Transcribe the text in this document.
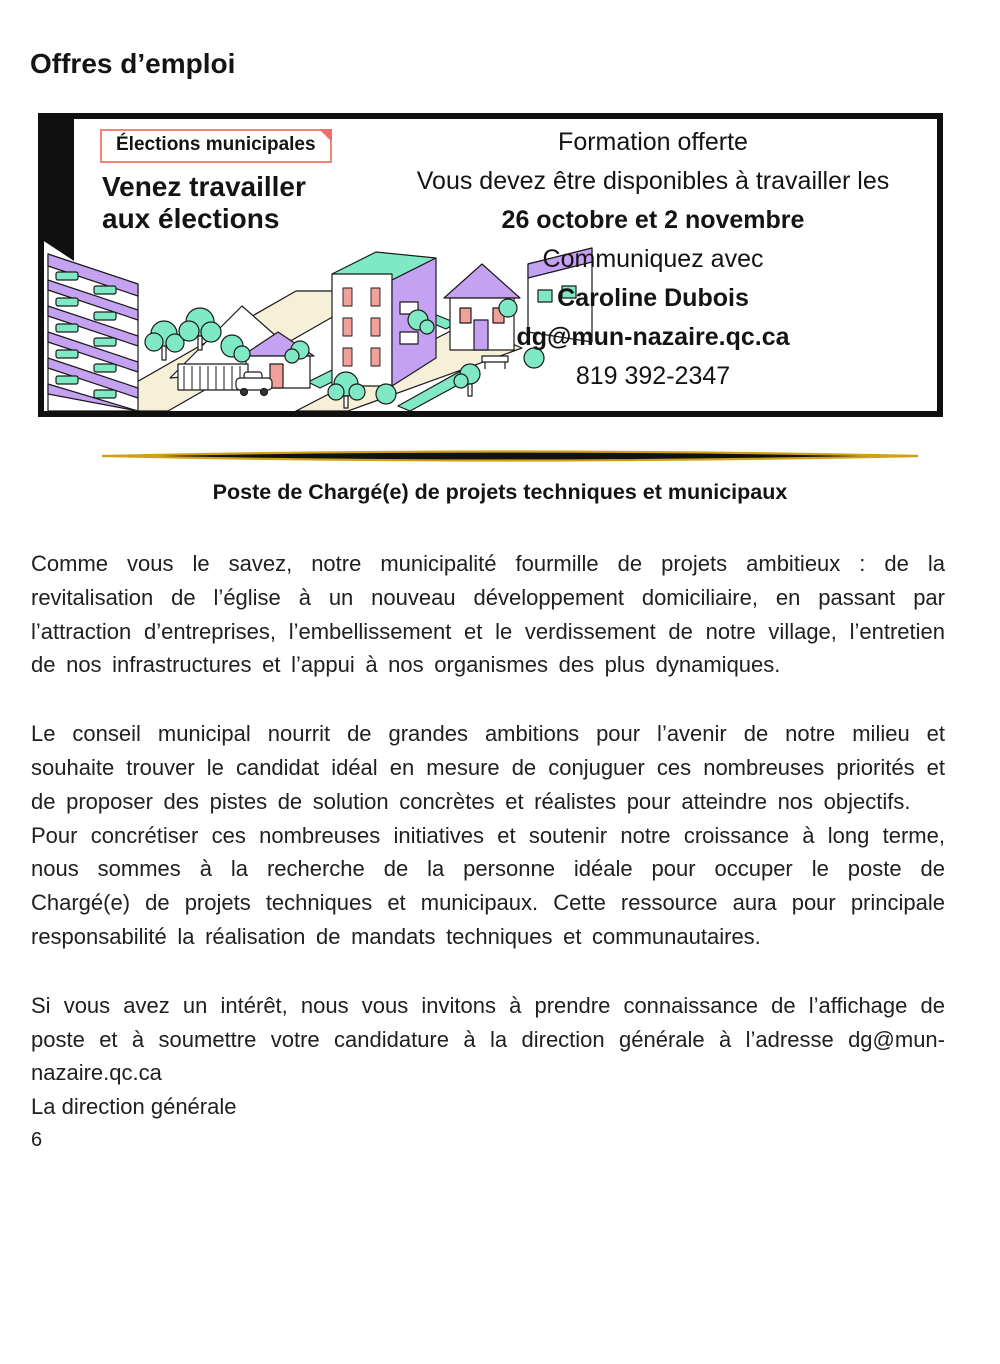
Offres d’emploi
Élections municipales
Venez travailler
aux élections
Formation offerte
Vous devez être disponibles à travailler les
26 octobre et 2 novembre
Communiquez avec
Caroline Dubois
dg@mun-nazaire.qc.ca
819 392-2347
Poste de Chargé(e) de projets techniques et municipaux

Comme vous le savez, notre municipalité fourmille de projets ambitieux : de la revitalisation de l’église à un nouveau développement domiciliaire, en passant par l’attraction d’entreprises, l’embellissement et le verdissement de notre village, l’entretien de nos infrastructures et l’appui à nos organismes des plus dynamiques.

Le conseil municipal nourrit de grandes ambitions pour l’avenir de notre milieu et souhaite trouver le candidat idéal en mesure de conjuguer ces nombreuses priorités et de proposer des pistes de solution concrètes et réalistes pour atteindre nos objectifs.

Pour concrétiser ces nombreuses initiatives et soutenir notre croissance à long terme, nous sommes à la recherche de la personne idéale pour occuper le poste de Chargé(e) de projets techniques et municipaux. Cette ressource aura pour principale responsabilité la réalisation de mandats techniques et communautaires.

Si vous avez un intérêt, nous vous invitons à prendre connaissance de l’affichage de poste et à soumettre votre candidature à la direction générale à l’adresse dg@mun-nazaire.qc.ca

La direction générale

6
